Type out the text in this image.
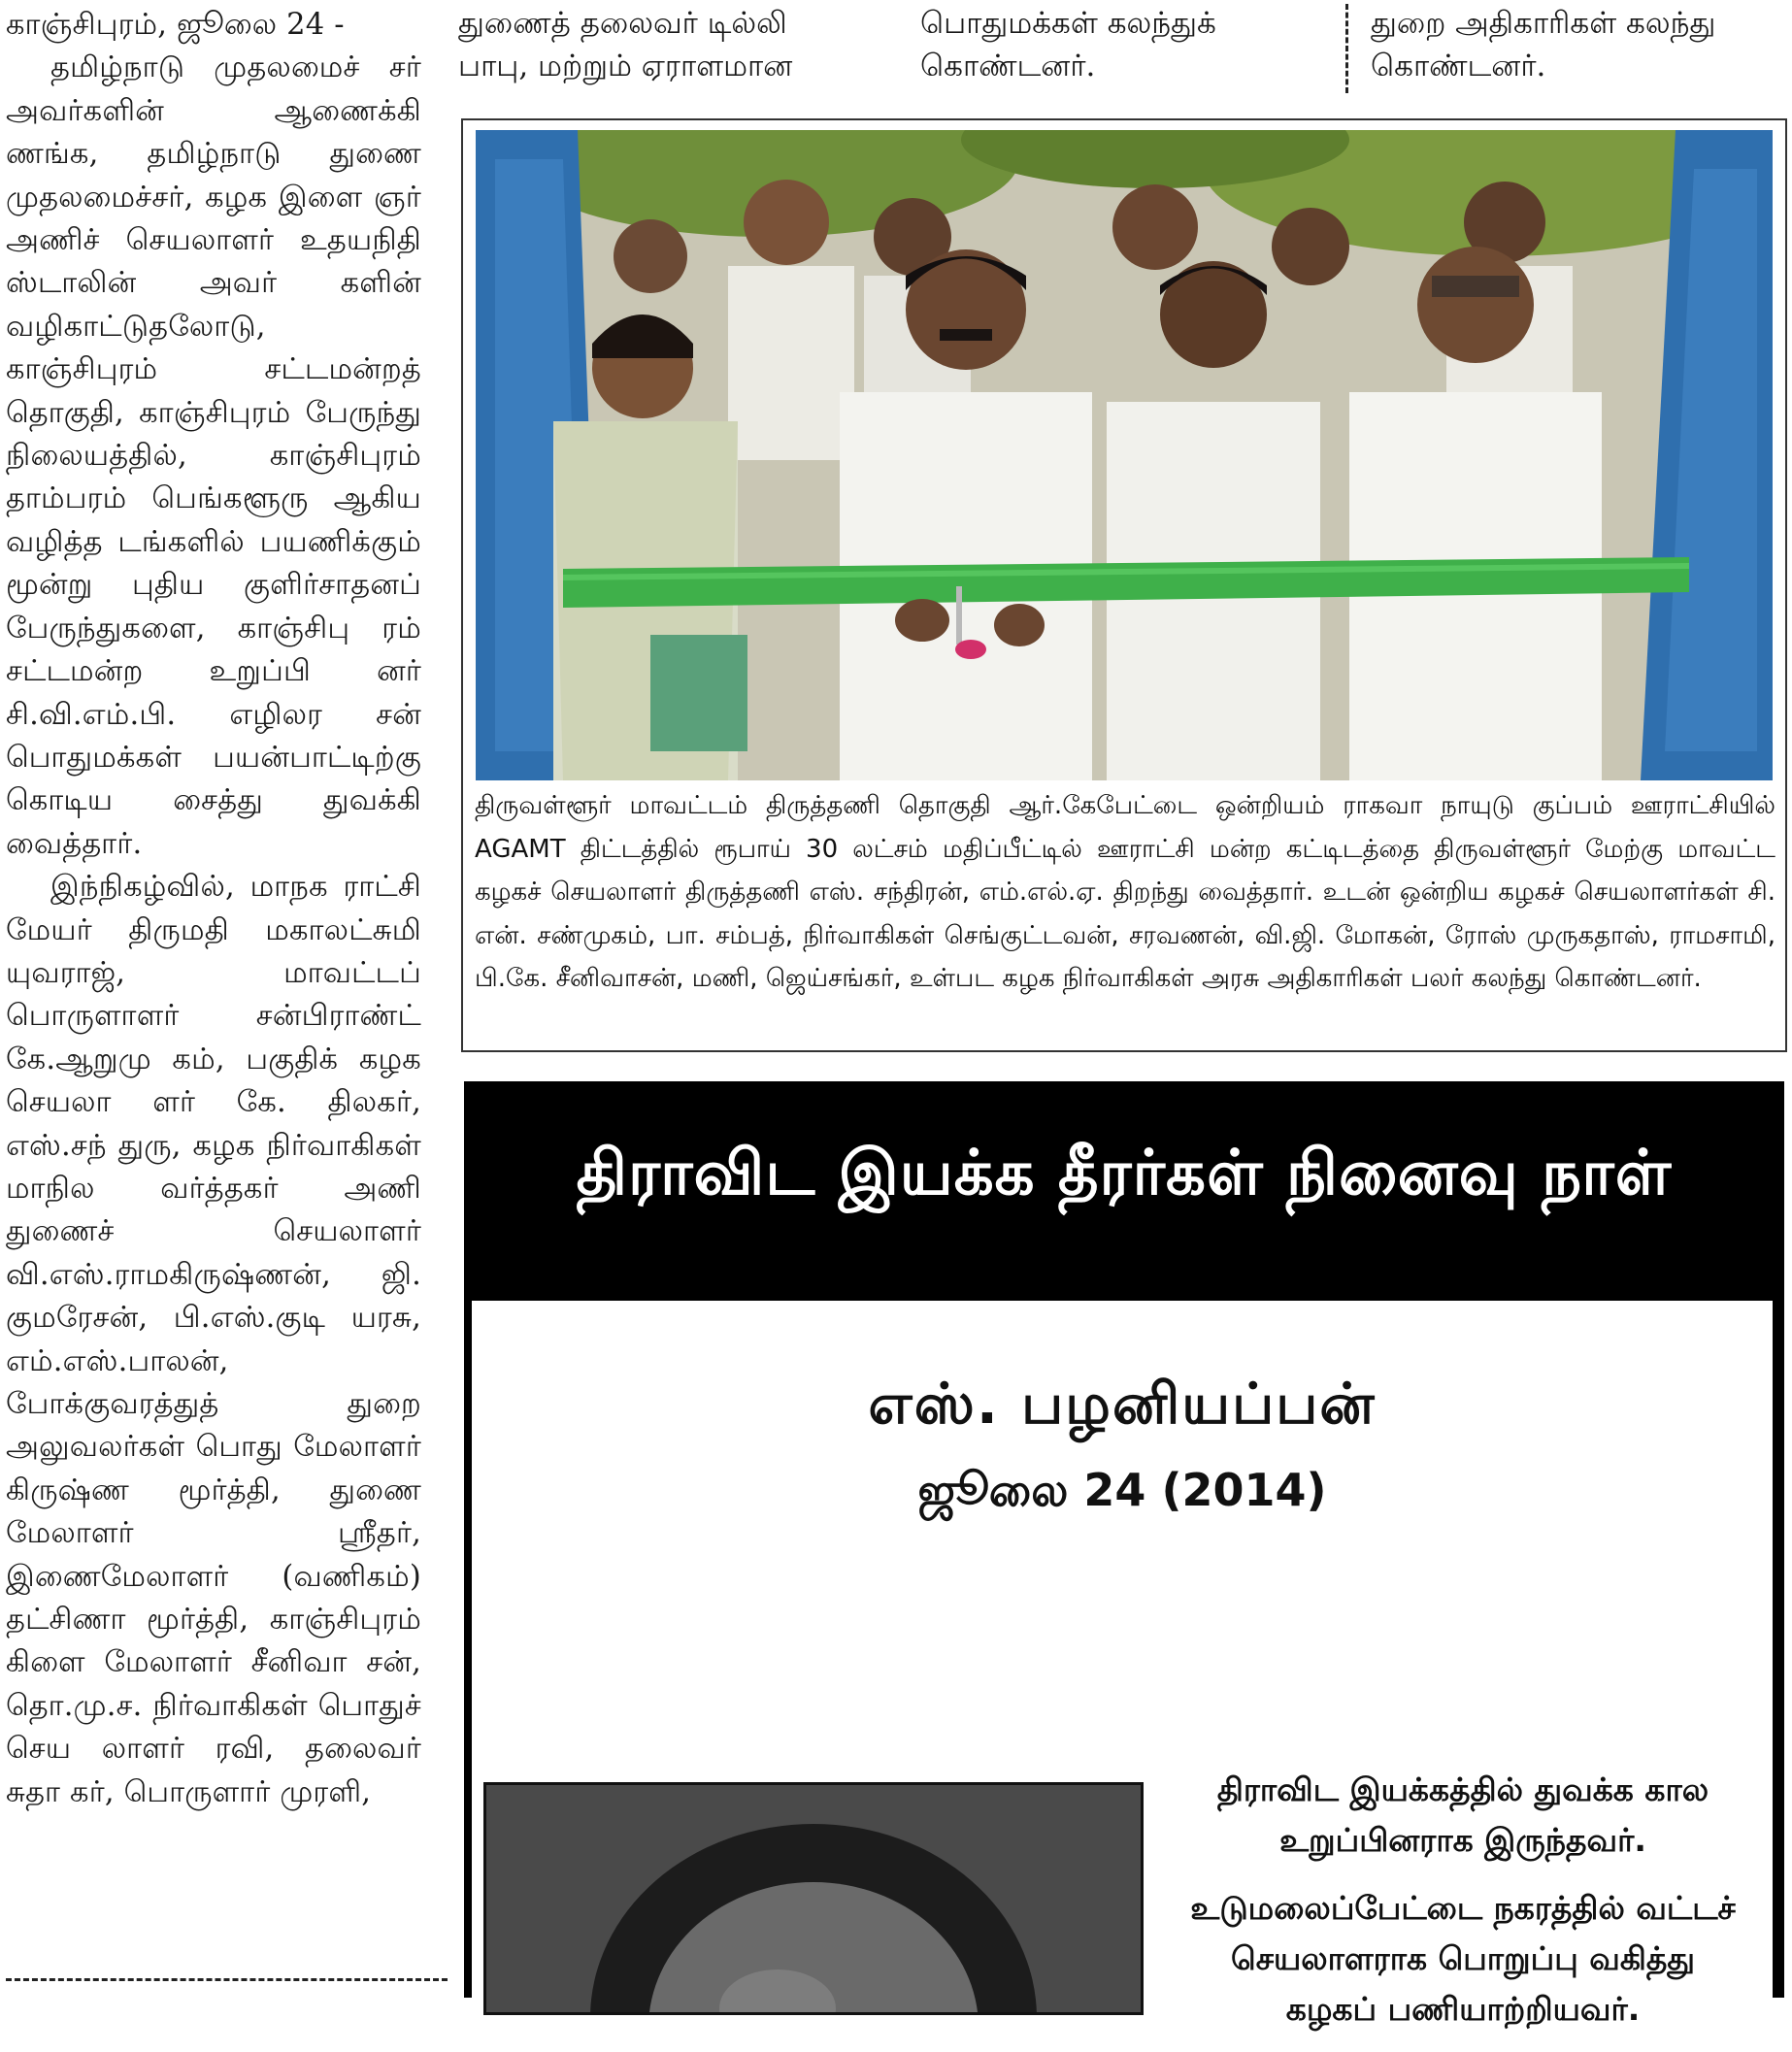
காஞ்சிபுரம், ஜூலை 24 -

தமிழ்நாடு முதலமைச் சர் அவர்களின் ஆணைக்கி ணங்க, தமிழ்நாடு துணை முதலமைச்சர், கழக இளை ஞர் அணிச் செயலாளர் உதயநிதி ஸ்டாலின் அவர் களின் வழிகாட்டுதலோடு, காஞ்சிபுரம் சட்டமன்றத் தொகுதி, காஞ்சிபுரம் பேருந்து நிலையத்தில், காஞ்சிபுரம் தாம்பரம் பெங்களூரு ஆகிய வழித்த டங்களில் பயணிக்கும் மூன்று புதிய குளிர்சாதனப் பேருந்துகளை, காஞ்சிபு ரம் சட்டமன்ற உறுப்பி னர் சி.வி.எம்.பி. எழிலர சன் பொதுமக்கள் பயன்பாட்டிற்கு கொடிய சைத்து துவக்கி வைத்தார்.

இந்நிகழ்வில், மாநக ராட்சி மேயர் திருமதி மகாலட்சுமி யுவராஜ், மாவட்டப் பொருளாளர் சன்பிராண்ட் கே.ஆறுமு கம், பகுதிக் கழக செயலா ளர் கே. திலகர், எஸ்.சந் துரு, கழக நிர்வாகிகள் மாநில வர்த்தகர் அணி துணைச் செயலாளர் வி.எஸ்.ராமகிருஷ்ணன், ஜி. குமரேசன், பி.எஸ்.குடி யரசு, எம்.எஸ்.பாலன், போக்குவரத்துத் துறை அலுவலர்கள் பொது மேலாளர் கிருஷ்ண மூர்த்தி, துணை மேலாளர் ஸ்ரீதர், இணைமேலாளர் (வணிகம்) தட்சிணா மூர்த்தி, காஞ்சிபுரம் கிளை மேலாளர் சீனிவா சன், தொ.மு.ச. நிர்வாகிகள் பொதுச் செய லாளர் ரவி, தலைவர் சுதா கர், பொருளார் முரளி,

துணைத் தலைவர் டில்லி
பாபு, மற்றும் ஏராளமான
பொதுமக்கள் கலந்துக்
கொண்டனர்.
துறை அதிகாரிகள் கலந்து
கொண்டனர்.
திருவள்ளூர் மாவட்டம் திருத்தணி தொகுதி ஆர்.கேபேட்டை ஒன்றியம் ராகவா நாயுடு குப்பம் ஊராட்சியில் AGAMT திட்டத்தில் ரூபாய் 30 லட்சம் மதிப்பீட்டில் ஊராட்சி மன்ற கட்டிடத்தை திருவள்ளூர் மேற்கு மாவட்ட கழகச் செயலாளர் திருத்தணி எஸ். சந்திரன், எம்.எல்.ஏ. திறந்து வைத்தார். உடன் ஒன்றிய கழகச் செயலாளர்கள் சி. என். சண்முகம், பா. சம்பத், நிர்வாகிகள் செங்குட்டவன், சரவணன், வி.ஜி. மோகன், ரோஸ் முருகதாஸ், ராமசாமி, பி.கே. சீனிவாசன், மணி, ஜெய்சங்கர், உள்பட கழக நிர்வாகிகள் அரசு அதிகாரிகள் பலர் கலந்து கொண்டனர்.
திராவிட இயக்க தீரர்கள் நினைவு நாள்
எஸ். பழனியப்பன்
ஜூலை 24 (2014)

திராவிட இயக்கத்தில் துவக்க கால உறுப்பினராக இருந்தவர்.

உடுமலைப்பேட்டை நகரத்தில் வட்டச் செயலாளராக பொறுப்பு வகித்து கழகப் பணியாற்றியவர்.
